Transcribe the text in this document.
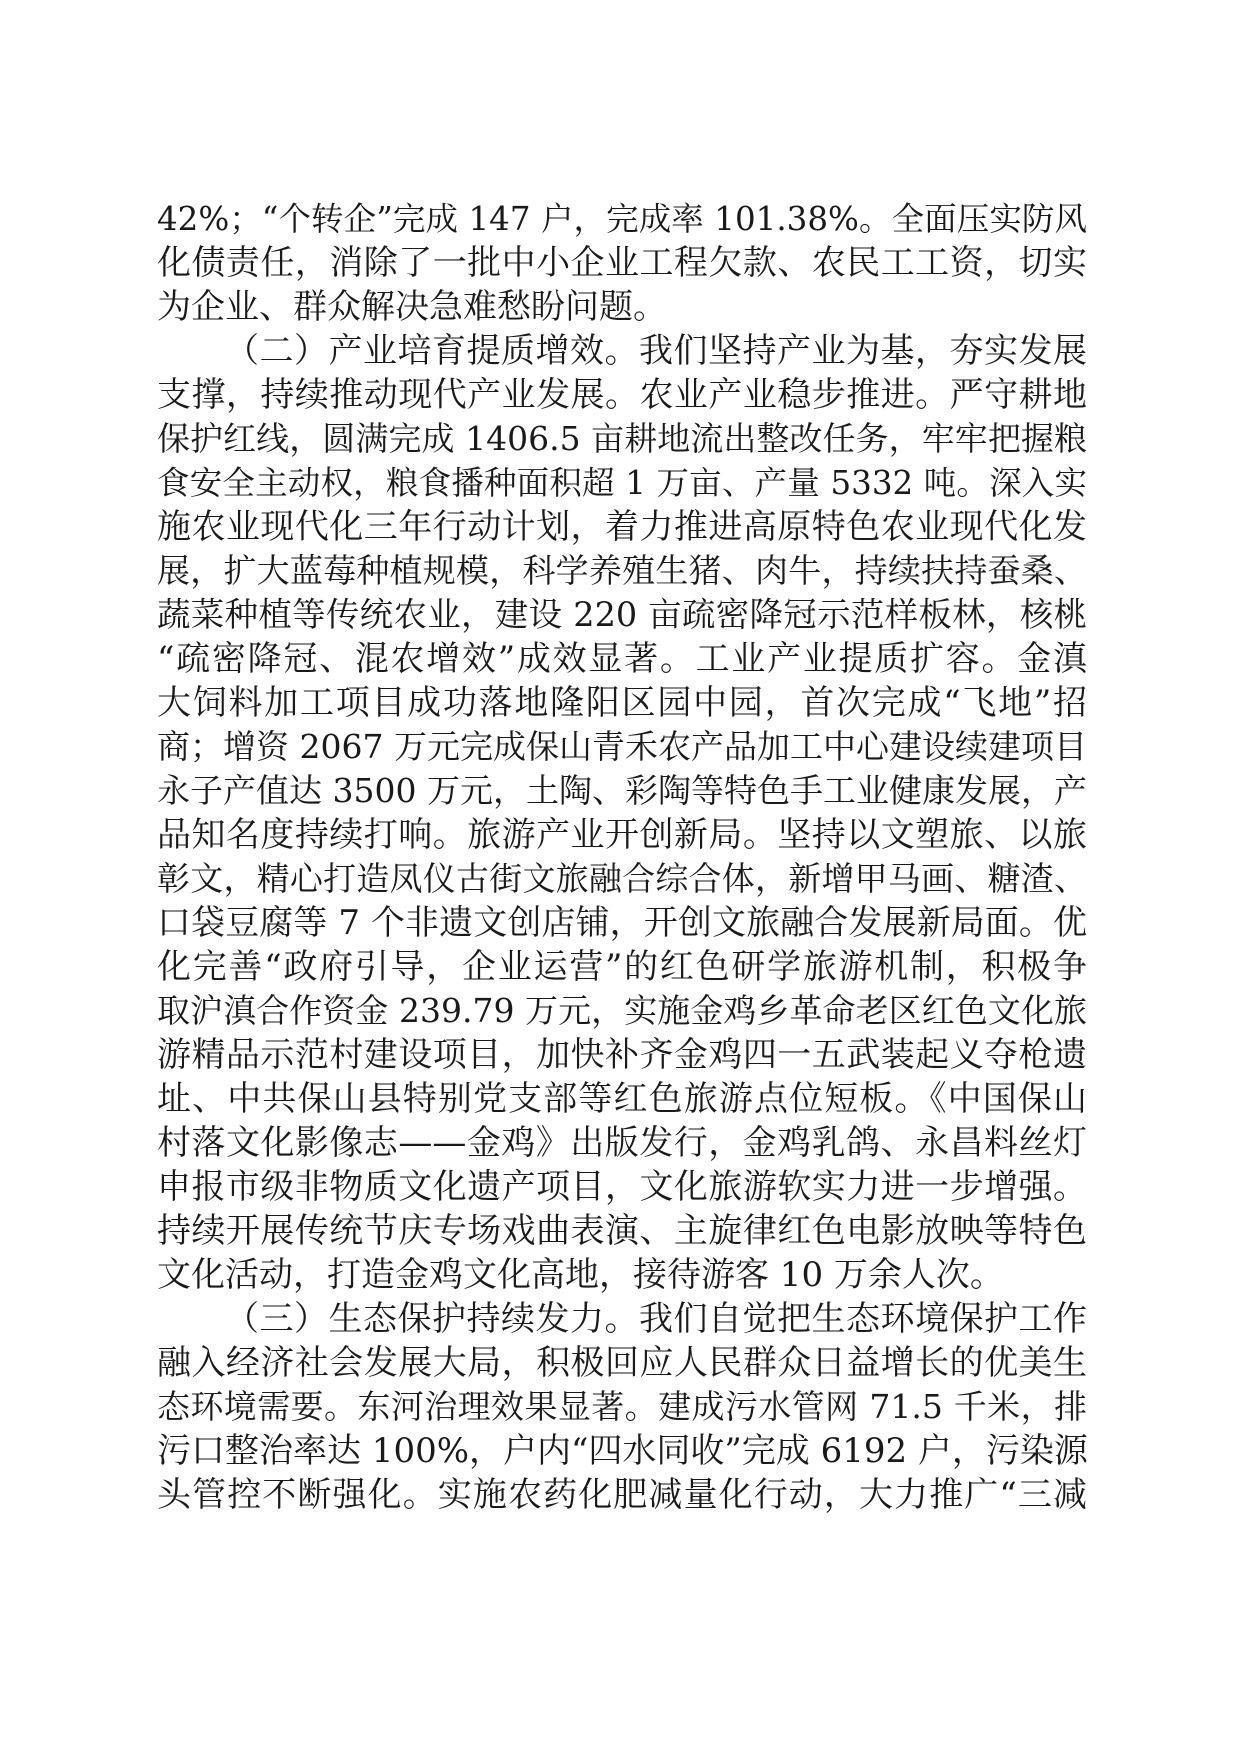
42%；“个转企”完成 147 户，完成率 101.38%。全面压实防风
化债责任，消除了一批中小企业工程欠款、农民工工资，切实
为企业、群众解决急难愁盼问题。
（二）产业培育提质增效。我们坚持产业为基，夯实发展
支撑，持续推动现代产业发展。农业产业稳步推进。严守耕地
保护红线，圆满完成 1406.5 亩耕地流出整改任务，牢牢把握粮
食安全主动权，粮食播种面积超 1 万亩、产量 5332 吨。深入实
施农业现代化三年行动计划，着力推进高原特色农业现代化发
展，扩大蓝莓种植规模，科学养殖生猪、肉牛，持续扶持蚕桑、
蔬菜种植等传统农业，建设 220 亩疏密降冠示范样板林，核桃
“疏密降冠、混农增效”成效显著。工业产业提质扩容。金滇
大饲料加工项目成功落地隆阳区园中园，首次完成“飞地”招
商；增资 2067 万元完成保山青禾农产品加工中心建设续建项目
永子产值达 3500 万元，土陶、彩陶等特色手工业健康发展，产
品知名度持续打响。旅游产业开创新局。坚持以文塑旅、以旅
彰文，精心打造凤仪古街文旅融合综合体，新增甲马画、糖渣、
口袋豆腐等 7 个非遗文创店铺，开创文旅融合发展新局面。优
化完善“政府引导，企业运营”的红色研学旅游机制，积极争
取沪滇合作资金 239.79 万元，实施金鸡乡革命老区红色文化旅
游精品示范村建设项目，加快补齐金鸡四一五武装起义夺枪遗
址、中共保山县特别党支部等红色旅游点位短板。《中国保山
村落文化影像志——金鸡》出版发行，金鸡乳鸽、永昌料丝灯
申报市级非物质文化遗产项目，文化旅游软实力进一步增强。
持续开展传统节庆专场戏曲表演、主旋律红色电影放映等特色
文化活动，打造金鸡文化高地，接待游客 10 万余人次。
（三）生态保护持续发力。我们自觉把生态环境保护工作
融入经济社会发展大局，积极回应人民群众日益增长的优美生
态环境需要。东河治理效果显著。建成污水管网 71.5 千米，排
污口整治率达 100%，户内“四水同收”完成 6192 户，污染源
头管控不断强化。实施农药化肥减量化行动，大力推广“三减
